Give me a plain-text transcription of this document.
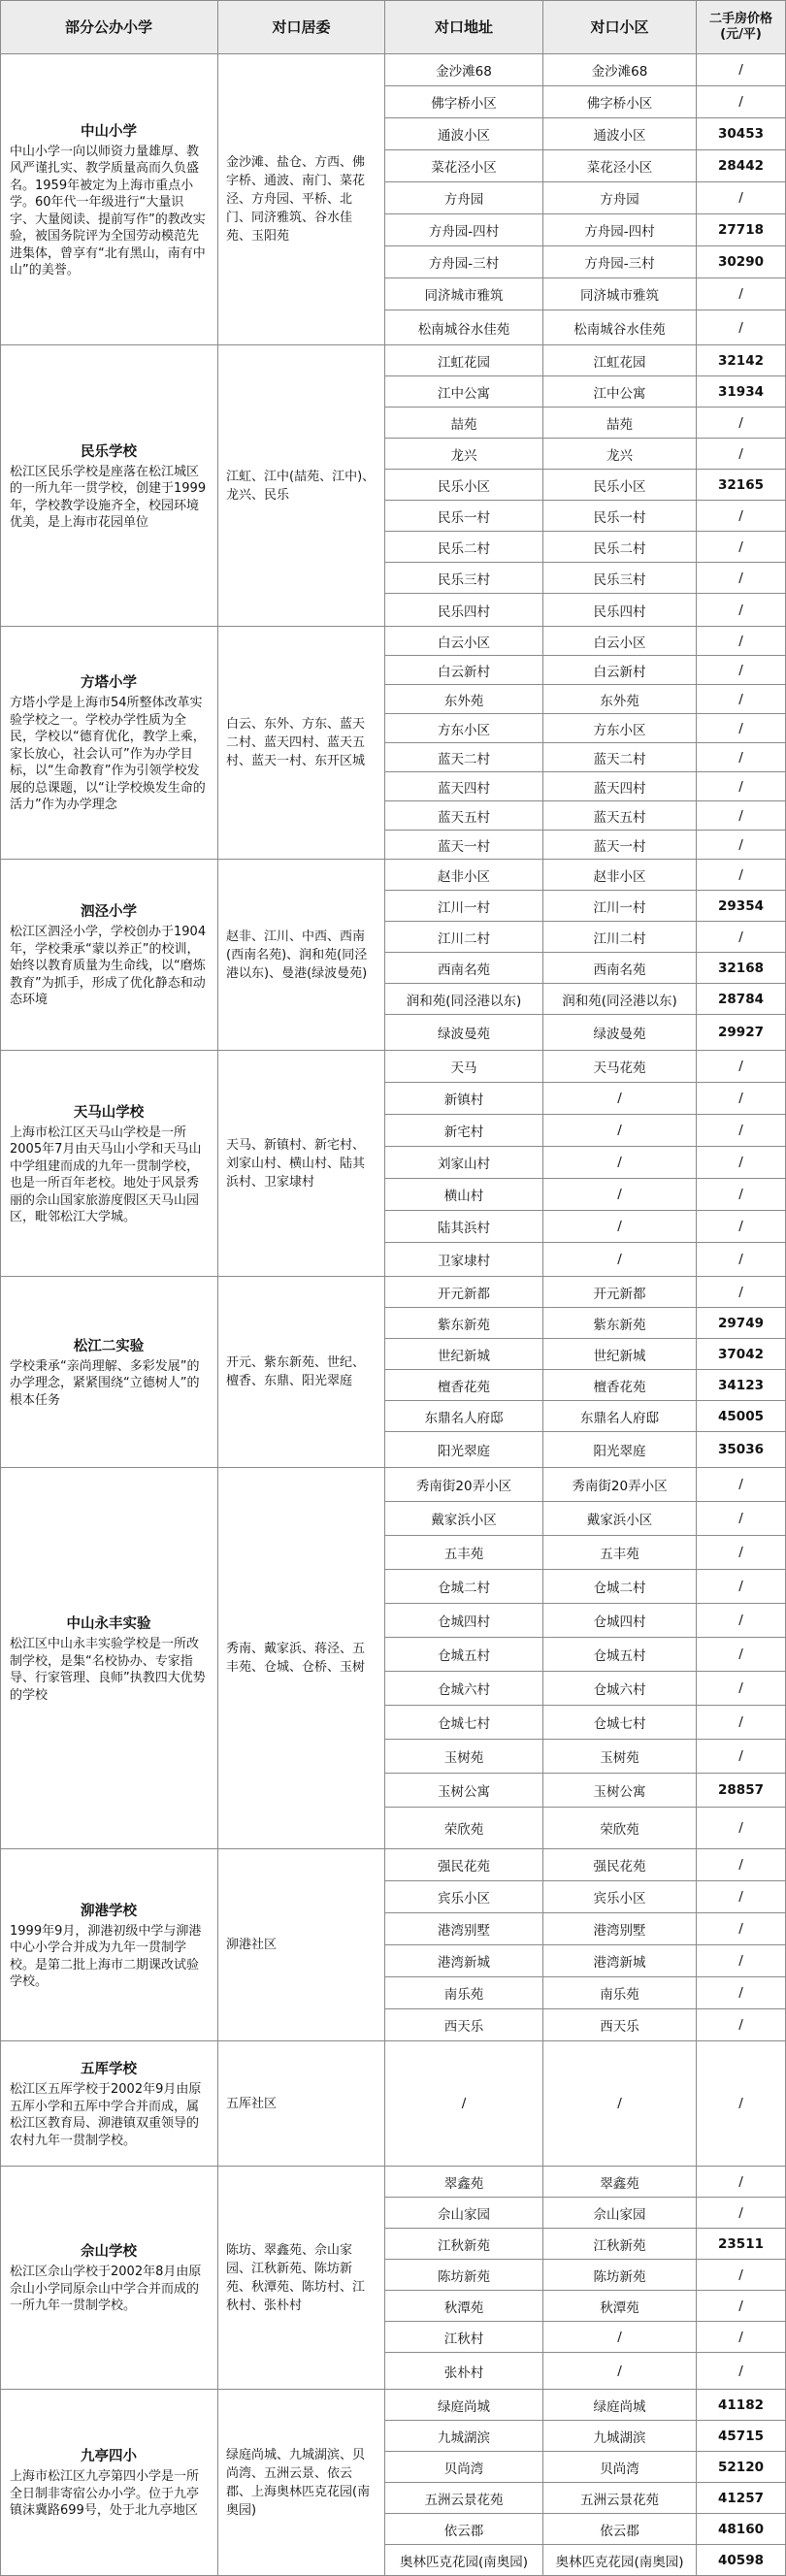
部分公办小学	对口居委	对口地址	对口小区	二手房价格
(元/平)
中山小学
中山小学一向以师资力量雄厚、教风严谨扎实、教学质量高而久负盛名。1959年被定为上海市重点小学。60年代一年级进行“大量识字、大量阅读、提前写作”的教改实验，被国务院评为全国劳动模范先进集体，曾享有“北有黑山，南有中山”的美誉。
金沙滩、盐仓、方西、佛字桥、通波、南门、菜花泾、方舟园、平桥、北门、同济雅筑、谷水佳苑、玉阳苑
金沙滩68	金沙滩68	/
佛字桥小区	佛字桥小区	/
通波小区	通波小区	30453
菜花泾小区	菜花泾小区	28442
方舟园	方舟园	/
方舟园-四村	方舟园-四村	27718
方舟园-三村	方舟园-三村	30290
同济城市雅筑	同济城市雅筑	/
松南城谷水佳苑	松南城谷水佳苑	/
民乐学校
松江区民乐学校是座落在松江城区的一所九年一贯学校，创建于1999年，学校教学设施齐全，校园环境优美，是上海市花园单位
江虹、江中(喆苑、江中)、龙兴、民乐
江虹花园	江虹花园	32142
江中公寓	江中公寓	31934
喆苑	喆苑	/
龙兴	龙兴	/
民乐小区	民乐小区	32165
民乐一村	民乐一村	/
民乐二村	民乐二村	/
民乐三村	民乐三村	/
民乐四村	民乐四村	/
方塔小学
方塔小学是上海市54所整体改革实验学校之一。学校办学性质为全民，学校以“德育优化，教学上乘，家长放心，社会认可”作为办学目标，以“生命教育”作为引领学校发展的总课题，以“让学校焕发生命的活力”作为办学理念
白云、东外、方东、蓝天二村、蓝天四村、蓝天五村、蓝天一村、东开区城
白云小区	白云小区	/
白云新村	白云新村	/
东外苑	东外苑	/
方东小区	方东小区	/
蓝天二村	蓝天二村	/
蓝天四村	蓝天四村	/
蓝天五村	蓝天五村	/
蓝天一村	蓝天一村	/
泗泾小学
松江区泗泾小学，学校创办于1904年，学校秉承“蒙以养正”的校训，始终以教育质量为生命线，以“磨炼教育”为抓手，形成了优化静态和动态环境
赵非、江川、中西、西南(西南名苑)、润和苑(同泾港以东)、曼港(绿波曼苑)
赵非小区	赵非小区	/
江川一村	江川一村	29354
江川二村	江川二村	/
西南名苑	西南名苑	32168
润和苑(同泾港以东)	润和苑(同泾港以东)	28784
绿波曼苑	绿波曼苑	29927
天马山学校
上海市松江区天马山学校是一所2005年7月由天马山小学和天马山中学组建而成的九年一贯制学校，也是一所百年老校。地处于风景秀丽的佘山国家旅游度假区天马山园区，毗邻松江大学城。
天马、新镇村、新宅村、刘家山村、横山村、陆其浜村、卫家埭村
天马	天马花苑	/
新镇村	/	/
新宅村	/	/
刘家山村	/	/
横山村	/	/
陆其浜村	/	/
卫家埭村	/	/
松江二实验
学校秉承“亲尚理解、多彩发展”的办学理念，紧紧围绕“立德树人”的根本任务
开元、紫东新苑、世纪、檀香、东鼎、阳光翠庭
开元新都	开元新都	/
紫东新苑	紫东新苑	29749
世纪新城	世纪新城	37042
檀香花苑	檀香花苑	34123
东鼎名人府邸	东鼎名人府邸	45005
阳光翠庭	阳光翠庭	35036
中山永丰实验
松江区中山永丰实验学校是一所改制学校，是集“名校协办、专家指导、行家管理、良师”执教四大优势的学校
秀南、戴家浜、蒋泾、五丰苑、仓城、仓桥、玉树
秀南街20弄小区	秀南街20弄小区	/
戴家浜小区	戴家浜小区	/
五丰苑	五丰苑	/
仓城二村	仓城二村	/
仓城四村	仓城四村	/
仓城五村	仓城五村	/
仓城六村	仓城六村	/
仓城七村	仓城七村	/
玉树苑	玉树苑	/
玉树公寓	玉树公寓	28857
荣欣苑	荣欣苑	/
泖港学校
1999年9月，泖港初级中学与泖港中心小学合并成为九年一贯制学校。是第二批上海市二期课改试验学校。
泖港社区
强民花苑	强民花苑	/
宾乐小区	宾乐小区	/
港湾别墅	港湾别墅	/
港湾新城	港湾新城	/
南乐苑	南乐苑	/
西天乐	西天乐	/
五厍学校
松江区五厍学校于2002年9月由原五厍小学和五厍中学合并而成，属松江区教育局、泖港镇双重领导的农村九年一贯制学校。
五厍社区	/	/	/
佘山学校
松江区佘山学校于2002年8月由原佘山小学同原佘山中学合并而成的一所九年一贯制学校。
陈坊、翠鑫苑、佘山家园、江秋新苑、陈坊新苑、秋潭苑、陈坊村、江秋村、张朴村
翠鑫苑	翠鑫苑	/
佘山家园	佘山家园	/
江秋新苑	江秋新苑	23511
陈坊新苑	陈坊新苑	/
秋潭苑	秋潭苑	/
江秋村	/	/
张朴村	/	/
九亭四小
上海市松江区九亭第四小学是一所全日制非寄宿公办小学。位于九亭镇沫冀路699号，处于北九亭地区
绿庭尚城、九城湖滨、贝尚湾、五洲云景、依云郡、上海奥林匹克花园(南奥园)
绿庭尚城	绿庭尚城	41182
九城湖滨	九城湖滨	45715
贝尚湾	贝尚湾	52120
五洲云景花苑	五洲云景花苑	41257
依云郡	依云郡	48160
奥林匹克花园(南奥园) 奥林匹克花园(南奥园)	40598
